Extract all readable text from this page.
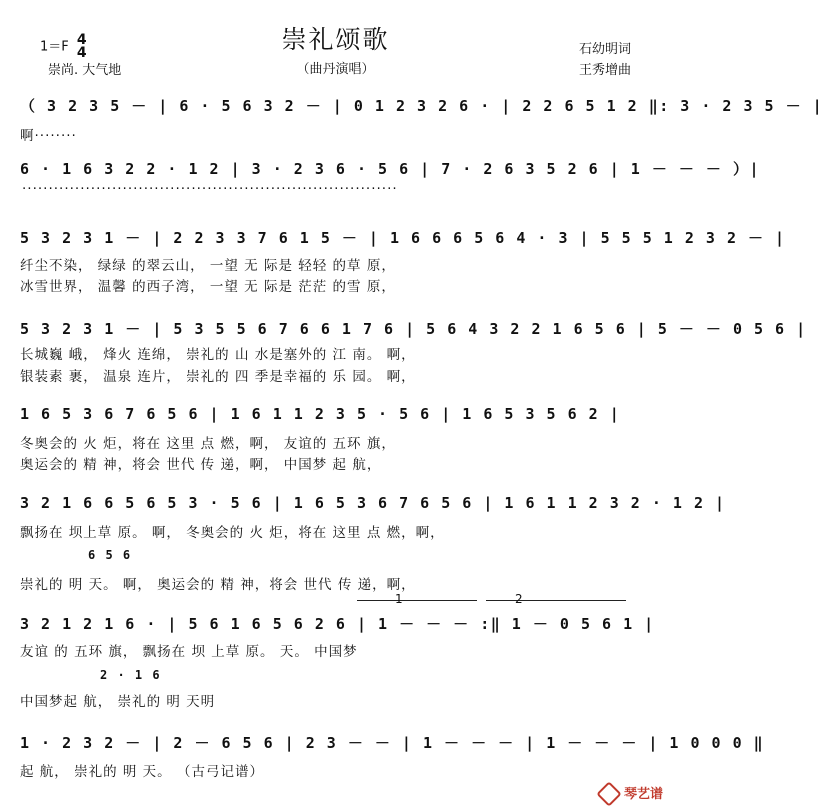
1＝F 4
4
崇尚. 大气地
崇礼颂歌
（曲丹演唱）
石幼明词
王秀增曲
（ 3 2 3 5 － | 6 · 5 6 3 2 － | 0 1 2 3 2 6 · | 2 2 6 5 1 2 ‖: 3 · 2 3 5 － |
啊········
6 · 1 6 3 2 2 · 1 2 | 3 · 2 3 6 · 5 6 | 7 · 2 6 3 5 2 6 | 1 － － － ）|
·······································································
5 3 2 3 1 － | 2 2 3 3 7 6 1 5 － | 1 6 6 6 5 6 4 · 3 | 5 5 5 1 2 3 2 － |
纤尘不染， 绿绿 的翠云山， 一望 无 际是 轻轻 的草 原，
冰雪世界， 温馨 的西子湾， 一望 无 际是 茫茫 的雪 原，
5 3 2 3 1 － | 5 3 5 5 6 7 6 6 1 7 6 | 5 6 4 3 2 2 1 6 5 6 | 5 － － 0 5 6 |
长城巍 峨， 烽火 连绵， 崇礼的 山 水是塞外的 江 南。 啊，
银装素 裹， 温泉 连片， 崇礼的 四 季是幸福的 乐 园。 啊，
1 6 5 3 6 7 6 5 6 | 1 6 1 1 2 3 5 · 5 6 | 1 6 5 3 5 6 2 |
冬奥会的 火 炬，将在 这里 点 燃，啊， 友谊的 五环 旗，
奥运会的 精 神，将会 世代 传 递，啊， 中国梦 起 航，
3 2 1 6 6 5 6 5 3 · 5 6 | 1 6 5 3 6 7 6 5 6 | 1 6 1 1 2 3 2 · 1 2 |
飘扬在 坝上草 原。 啊， 冬奥会的 火 炬，将在 这里 点 燃，啊，
6 5 6
崇礼的 明 天。 啊， 奥运会的 精 神，将会 世代 传 递，啊，
1	2
3 2 1 2 1 6 · | 5 6 1 6 5 6 2 6 | 1 － － － :‖ 1 － 0 5 6 1 |
友谊 的 五环 旗， 飘扬在 坝 上草 原。 天。 中国梦
2 · 1 6
中国梦起 航， 崇礼的 明 天明
1 · 2 3 2 － | 2 － 6 5 6 | 2 3 － － | 1 － － － | 1 － － － | 1 0 0 0 ‖
起 航， 崇礼的 明 天。 （古弓记谱）
琴艺谱
